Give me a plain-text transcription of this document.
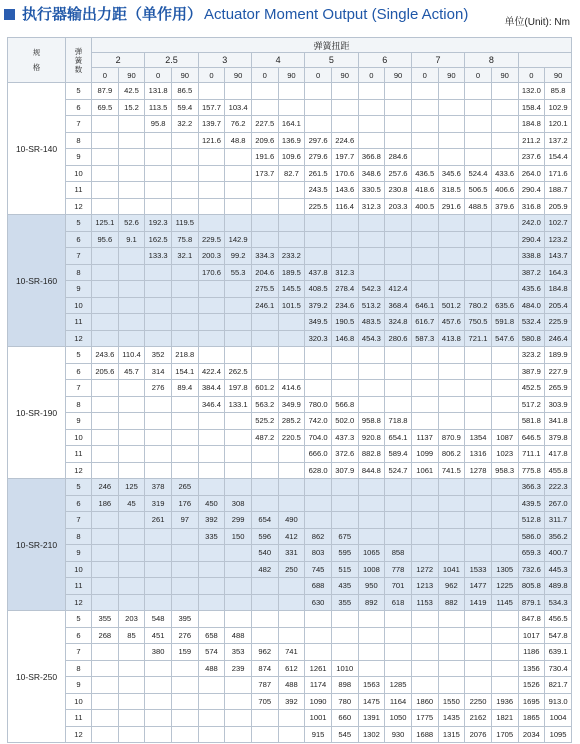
执行器输出力距（单作用） Actuator Moment Output (Single Action)	单位(Unit): Nm
规格	弹簧数	弹簧扭距																	
		2		2.5		3		4		5		6		7		8			
		0	90	0	90	0	90	0	90	0	90	0	90	0	90	0	90	0	90
10-SR-140	5	87.9	42.5	131.8	86.5													132.0	85.8
	6	69.5	15.2	113.5	59.4	157.7	103.4											158.4	102.9
	7			95.8	32.2	139.7	76.2	227.5	164.1									184.8	120.1
	8					121.6	48.8	209.6	136.9	297.6	224.6							211.2	137.2
	9							191.6	109.6	279.6	197.7	366.8	284.6					237.6	154.4
	10							173.7	82.7	261.5	170.6	348.6	257.6	436.5	345.6	524.4	433.6	264.0	171.6
	11									243.5	143.6	330.5	230.8	418.6	318.5	506.5	406.6	290.4	188.7
	12									225.5	116.4	312.3	203.3	400.5	291.6	488.5	379.6	316.8	205.9
10-SR-160	5	125.1	52.6	192.3	119.5													242.0	102.7
	6	95.6	9.1	162.5	75.8	229.5	142.9											290.4	123.2
	7			133.3	32.1	200.3	99.2	334.3	233.2									338.8	143.7
	8					170.6	55.3	204.6	189.5	437.8	312.3							387.2	164.3
	9							275.5	145.5	408.5	278.4	542.3	412.4					435.6	184.8
	10							246.1	101.5	379.2	234.6	513.2	368.4	646.1	501.2	780.2	635.6	484.0	205.4
	11									349.5	190.5	483.5	324.8	616.7	457.6	750.5	591.8	532.4	225.9
	12									320.3	146.8	454.3	280.6	587.3	413.8	721.1	547.6	580.8	246.4
10-SR-190	5	243.6	110.4	352	218.8													323.2	189.9
	6	205.6	45.7	314	154.1	422.4	262.5											387.9	227.9
	7			276	89.4	384.4	197.8	601.2	414.6									452.5	265.9
	8					346.4	133.1	563.2	349.9	780.0	566.8							517.2	303.9
	9							525.2	285.2	742.0	502.0	958.8	718.8					581.8	341.8
	10							487.2	220.5	704.0	437.3	920.8	654.1	1137	870.9	1354	1087	646.5	379.8
	11									666.0	372.6	882.8	589.4	1099	806.2	1316	1023	711.1	417.8
	12									628.0	307.9	844.8	524.7	1061	741.5	1278	958.3	775.8	455.8
10-SR-210	5	246	125	378	265													366.3	222.3
	6	186	45	319	176	450	308											439.5	267.0
	7			261	97	392	299	654	490									512.8	311.7
	8					335	150	596	412	862	675							586.0	356.2
	9							540	331	803	595	1065	858					659.3	400.7
	10							482	250	745	515	1008	778	1272	1041	1533	1305	732.6	445.3
	11									688	435	950	701	1213	962	1477	1225	805.8	489.8
	12									630	355	892	618	1153	882	1419	1145	879.1	534.3
10-SR-250	5	355	203	548	395													847.8	456.5
	6	268	85	451	276	658	488											1017	547.8
	7			380	159	574	353	962	741									1186	639.1
	8					488	239	874	612	1261	1010							1356	730.4
	9							787	488	1174	898	1563	1285					1526	821.7
	10							705	392	1090	780	1475	1164	1860	1550	2250	1936	1695	913.0
	11									1001	660	1391	1050	1775	1435	2162	1821	1865	1004
	12									915	545	1302	930	1688	1315	2076	1705	2034	1095
